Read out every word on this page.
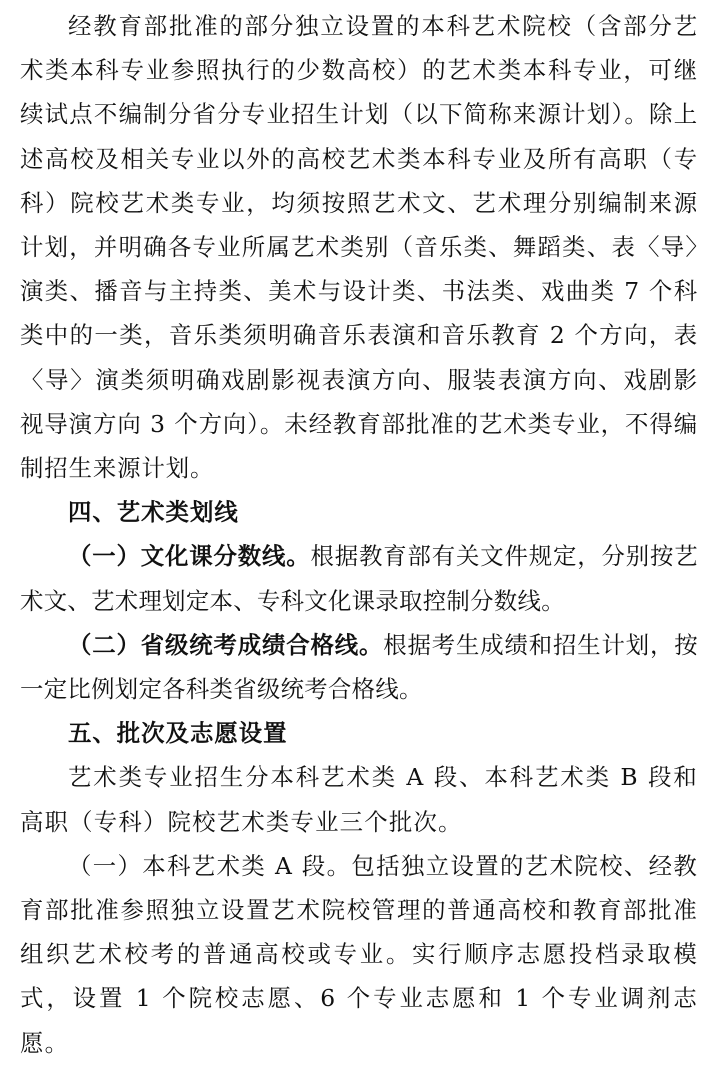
经教育部批准的部分独立设置的本科艺术院校（含部分艺术类本科专业参照执行的少数高校）的艺术类本科专业，可继续试点不编制分省分专业招生计划（以下简称来源计划）。除上述高校及相关专业以外的高校艺术类本科专业及所有高职（专科）院校艺术类专业，均须按照艺术文、艺术理分别编制来源计划，并明确各专业所属艺术类别（音乐类、舞蹈类、表〈导〉演类、播音与主持类、美术与设计类、书法类、戏曲类 7 个科类中的一类，音乐类须明确音乐表演和音乐教育 2 个方向，表〈导〉演类须明确戏剧影视表演方向、服装表演方向、戏剧影视导演方向 3 个方向）。未经教育部批准的艺术类专业，不得编制招生来源计划。

四、艺术类划线

（一）文化课分数线。根据教育部有关文件规定，分别按艺术文、艺术理划定本、专科文化课录取控制分数线。

（二）省级统考成绩合格线。根据考生成绩和招生计划，按一定比例划定各科类省级统考合格线。

五、批次及志愿设置

艺术类专业招生分本科艺术类 A 段、本科艺术类 B 段和高职（专科）院校艺术类专业三个批次。

（一）本科艺术类 A 段。包括独立设置的艺术院校、经教育部批准参照独立设置艺术院校管理的普通高校和教育部批准组织艺术校考的普通高校或专业。实行顺序志愿投档录取模式，设置 1 个院校志愿、6 个专业志愿和 1 个专业调剂志愿。
